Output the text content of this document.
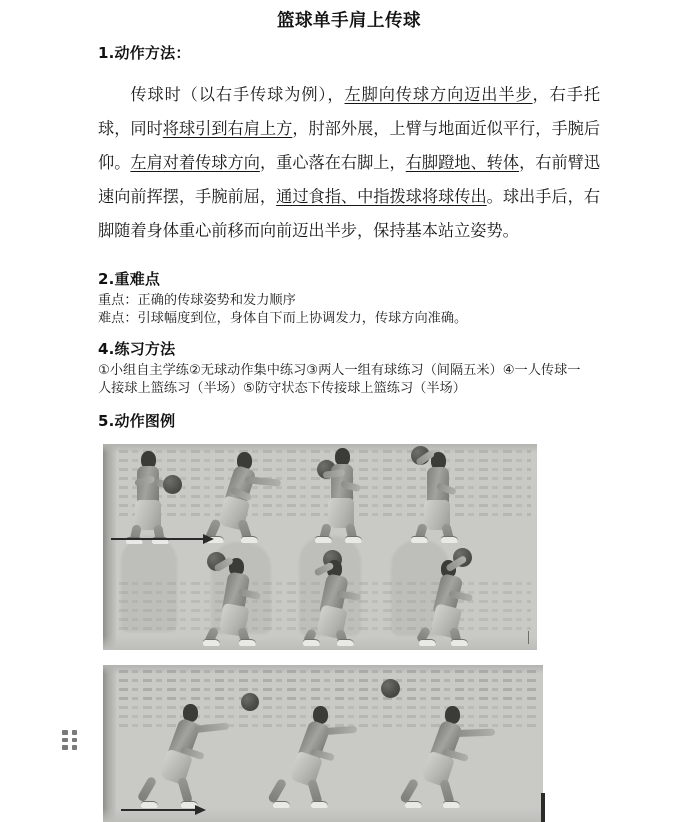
篮球单手肩上传球
1.动作方法：
传球时（以右手传球为例），左脚向传球方向迈出半步，右手托球，同时将球引到右肩上方，肘部外展，上臂与地面近似平行，手腕后仰。左肩对着传球方向，重心落在右脚上，右脚蹬地、转体，右前臂迅速向前挥摆，手腕前屈，通过食指、中指拨球将球传出。球出手后，右脚随着身体重心前移而向前迈出半步，保持基本站立姿势。
2.重难点
重点：正确的传球姿势和发力顺序
难点：引球幅度到位，身体自下而上协调发力，传球方向准确。
4.练习方法
①小组自主学练②无球动作集中练习③两人一组有球练习（间隔五米）④一人传球一人接球上篮练习（半场）⑤防守状态下传接球上篮练习（半场）
5.动作图例
